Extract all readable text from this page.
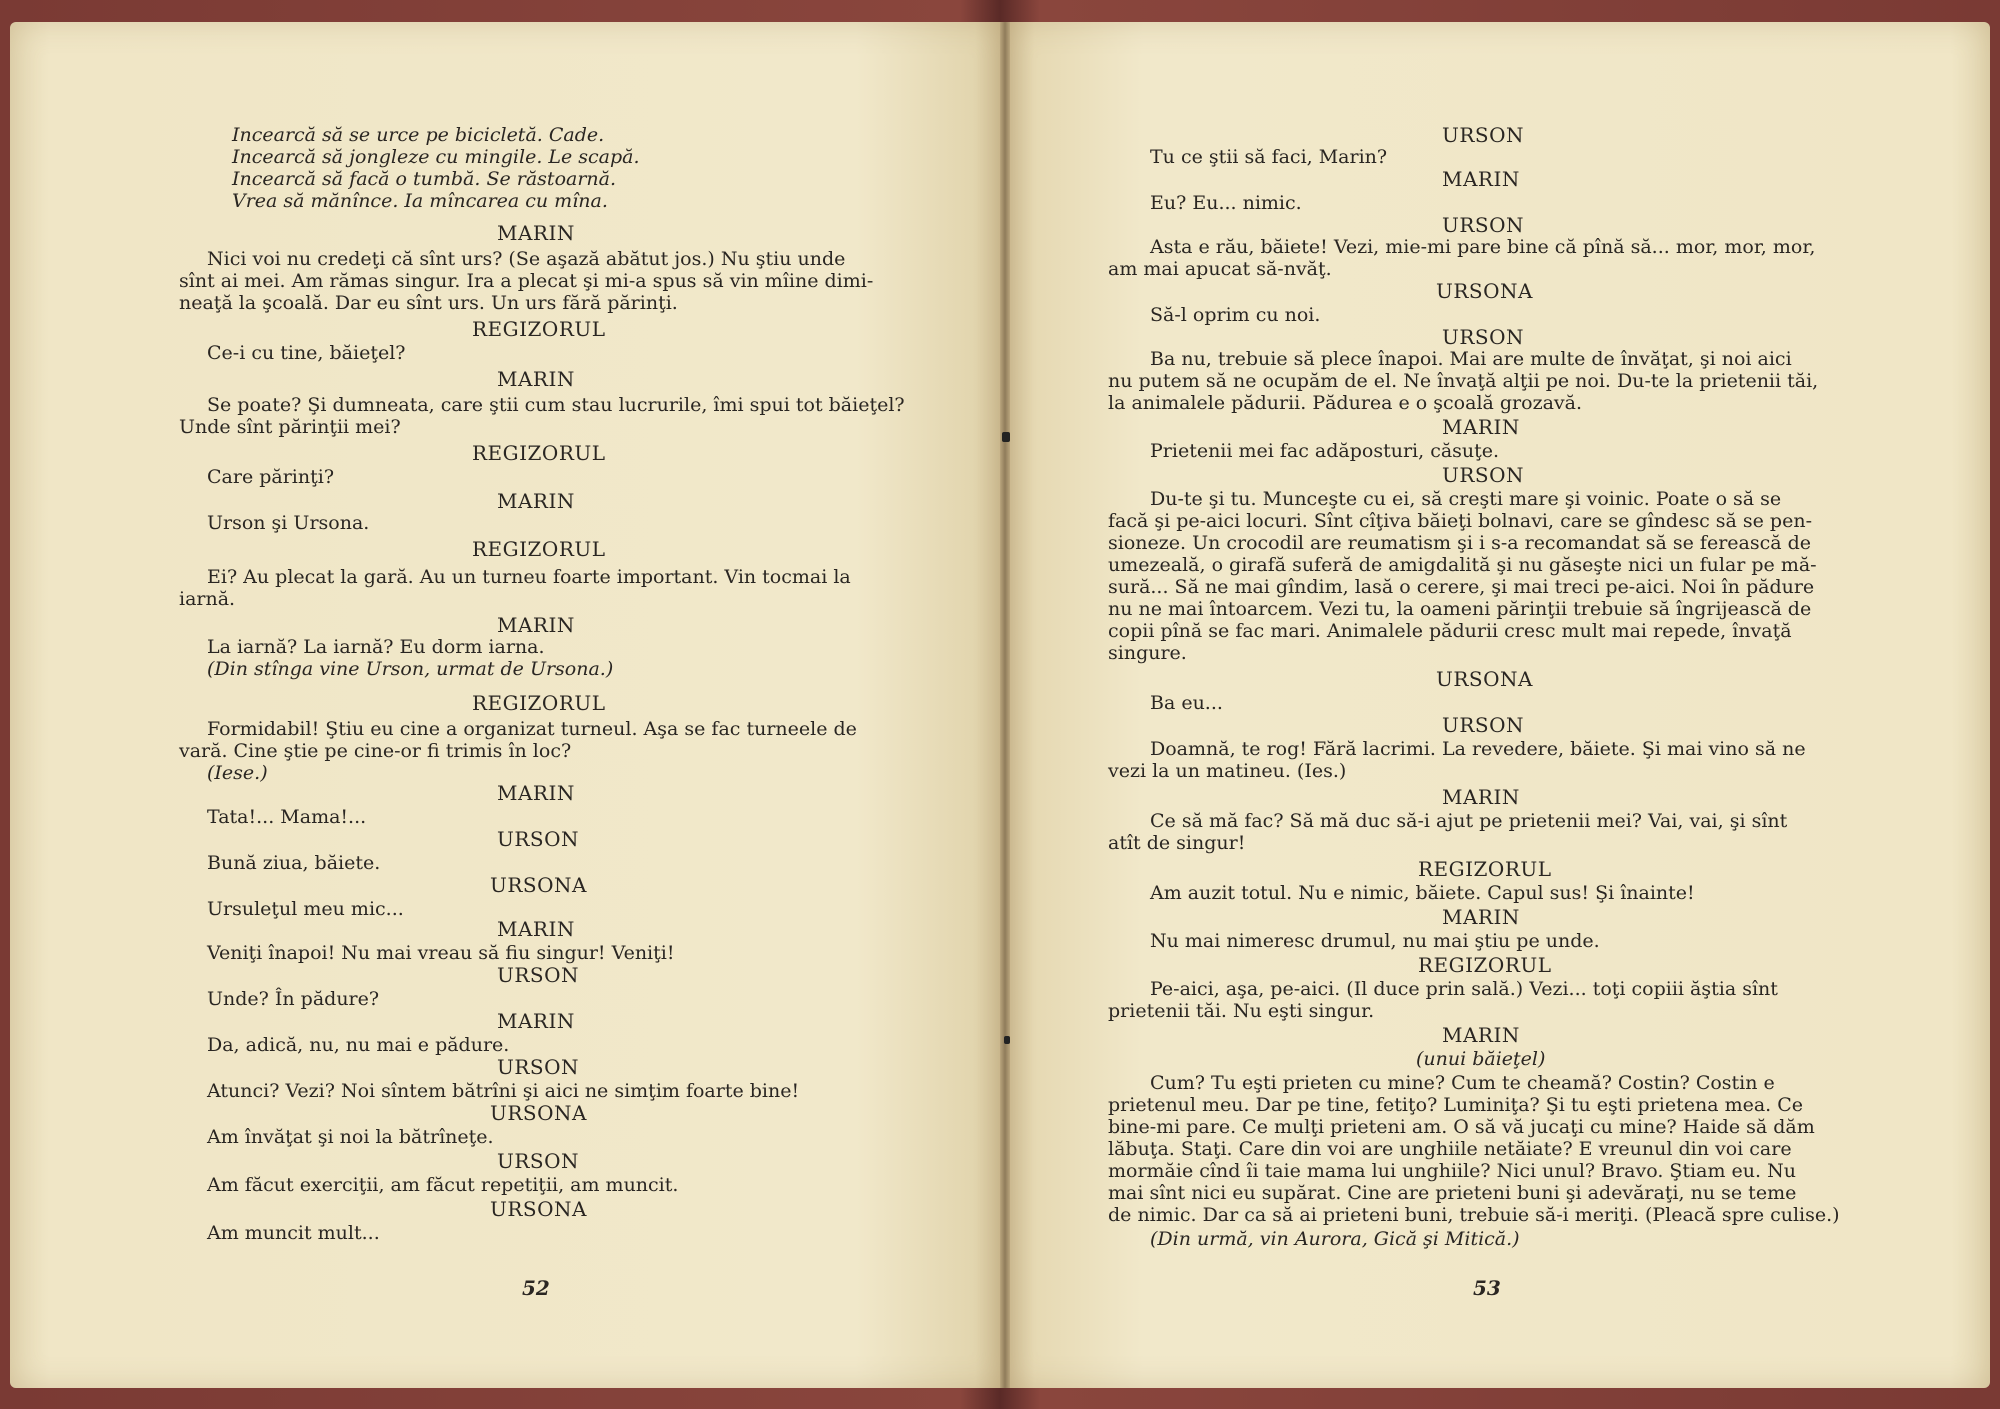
Incearcă să se urce pe bicicletă. Cade.
Incearcă să jongleze cu mingile. Le scapă.
Incearcă să facă o tumbă. Se răstoarnă.
Vrea să mănînce. Ia mîncarea cu mîna.
MARIN
Nici voi nu credeţi că sînt urs? (Se aşază abătut jos.) Nu ştiu unde
sînt ai mei. Am rămas singur. Ira a plecat şi mi-a spus să vin mîine dimi-
neaţă la şcoală. Dar eu sînt urs. Un urs fără părinţi.
REGIZORUL
Ce-i cu tine, băieţel?
MARIN
Se poate? Şi dumneata, care ştii cum stau lucrurile, îmi spui tot băieţel?
Unde sînt părinţii mei?
REGIZORUL
Care părinţi?
MARIN
Urson şi Ursona.
REGIZORUL
Ei? Au plecat la gară. Au un turneu foarte important. Vin tocmai la
iarnă.
MARIN
La iarnă? La iarnă? Eu dorm iarna.
(Din stînga vine Urson, urmat de Ursona.)
REGIZORUL
Formidabil! Ştiu eu cine a organizat turneul. Aşa se fac turneele de
vară. Cine ştie pe cine-or fi trimis în loc?
(Iese.)
MARIN
Tata!... Mama!...
URSON
Bună ziua, băiete.
URSONA
Ursuleţul meu mic...
MARIN
Veniţi înapoi! Nu mai vreau să fiu singur! Veniţi!
URSON
Unde? În pădure?
MARIN
Da, adică, nu, nu mai e pădure.
URSON
Atunci? Vezi? Noi sîntem bătrîni şi aici ne simţim foarte bine!
URSONA
Am învăţat şi noi la bătrîneţe.
URSON
Am făcut exerciţii, am făcut repetiţii, am muncit.
URSONA
Am muncit mult...
URSON
Tu ce ştii să faci, Marin?
MARIN
Eu? Eu... nimic.
URSON
Asta e rău, băiete! Vezi, mie-mi pare bine că pînă să... mor, mor, mor,
am mai apucat să-nvăţ.
URSONA
Să-l oprim cu noi.
URSON
Ba nu, trebuie să plece înapoi. Mai are multe de învăţat, şi noi aici
nu putem să ne ocupăm de el. Ne învaţă alţii pe noi. Du-te la prietenii tăi,
la animalele pădurii. Pădurea e o şcoală grozavă.
MARIN
Prietenii mei fac adăposturi, căsuţe.
URSON
Du-te şi tu. Munceşte cu ei, să creşti mare şi voinic. Poate o să se
facă şi pe-aici locuri. Sînt cîţiva băieţi bolnavi, care se gîndesc să se pen-
sioneze. Un crocodil are reumatism şi i s-a recomandat să se ferească de
umezeală, o girafă suferă de amigdalită şi nu găseşte nici un fular pe mă-
sură... Să ne mai gîndim, lasă o cerere, şi mai treci pe-aici. Noi în pădure
nu ne mai întoarcem. Vezi tu, la oameni părinţii trebuie să îngrijească de
copii pînă se fac mari. Animalele pădurii cresc mult mai repede, învaţă
singure.
URSONA
Ba eu...
URSON
Doamnă, te rog! Fără lacrimi. La revedere, băiete. Şi mai vino să ne
vezi la un matineu. (Ies.)
MARIN
Ce să mă fac? Să mă duc să-i ajut pe prietenii mei? Vai, vai, şi sînt
atît de singur!
REGIZORUL
Am auzit totul. Nu e nimic, băiete. Capul sus! Şi înainte!
MARIN
Nu mai nimeresc drumul, nu mai ştiu pe unde.
REGIZORUL
Pe-aici, aşa, pe-aici. (Il duce prin sală.) Vezi... toţi copiii ăştia sînt
prietenii tăi. Nu eşti singur.
MARIN
(unui băieţel)
Cum? Tu eşti prieten cu mine? Cum te cheamă? Costin? Costin e
prietenul meu. Dar pe tine, fetiţo? Luminiţa? Şi tu eşti prietena mea. Ce
bine-mi pare. Ce mulţi prieteni am. O să vă jucaţi cu mine? Haide să dăm
lăbuţa. Staţi. Care din voi are unghiile netăiate? E vreunul din voi care
mormăie cînd îi taie mama lui unghiile? Nici unul? Bravo. Ştiam eu. Nu
mai sînt nici eu supărat. Cine are prieteni buni şi adevăraţi, nu se teme
de nimic. Dar ca să ai prieteni buni, trebuie să-i meriţi. (Pleacă spre culise.)
(Din urmă, vin Aurora, Gică şi Mitică.)
52	53
